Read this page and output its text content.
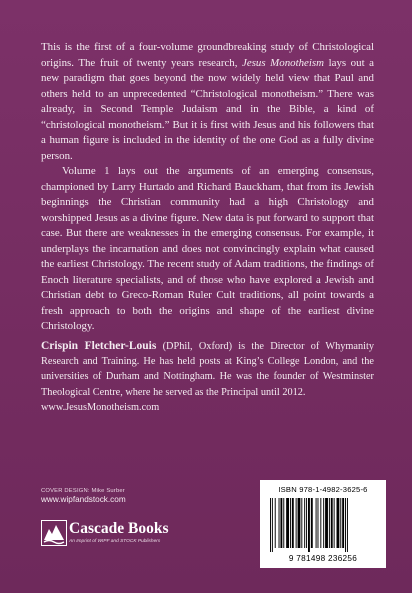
This is the first of a four-volume groundbreaking study of Christological origins. The fruit of twenty years research, Jesus Monotheism lays out a new paradigm that goes beyond the now widely held view that Paul and others held to an unprecedented “Christological monotheism.” There was already, in Second Temple Judaism and in the Bible, a kind of “christological monotheism.” But it is first with Jesus and his followers that a human figure is included in the identity of the one God as a fully divine person.

Volume 1 lays out the arguments of an emerging consensus, championed by Larry Hurtado and Richard Bauckham, that from its Jewish beginnings the Christian community had a high Christology and worshipped Jesus as a divine figure. New data is put forward to support that case. But there are weaknesses in the emerging consensus. For example, it underplays the incarnation and does not convincingly explain what caused the earliest Christology. The recent study of Adam traditions, the findings of Enoch literature specialists, and of those who have explored a Jewish and Christian debt to Greco-Roman Ruler Cult traditions, all point towards a fresh approach to both the origins and shape of the earliest divine Christology.

Crispin Fletcher-Louis (DPhil, Oxford) is the Director of Whymanity Research and Training. He has held posts at King’s College London, and the universities of Durham and Nottingham. He was the founder of Westminster Theological Centre, where he served as the Principal until 2012.
www.JesusMonotheism.com
COVER DESIGN: Mike Surber
www.wipfandstock.com
Cascade Books
An Imprint of WIPF and STOCK Publishers
ISBN 978-1-4982-3625-6
9 781498 236256
